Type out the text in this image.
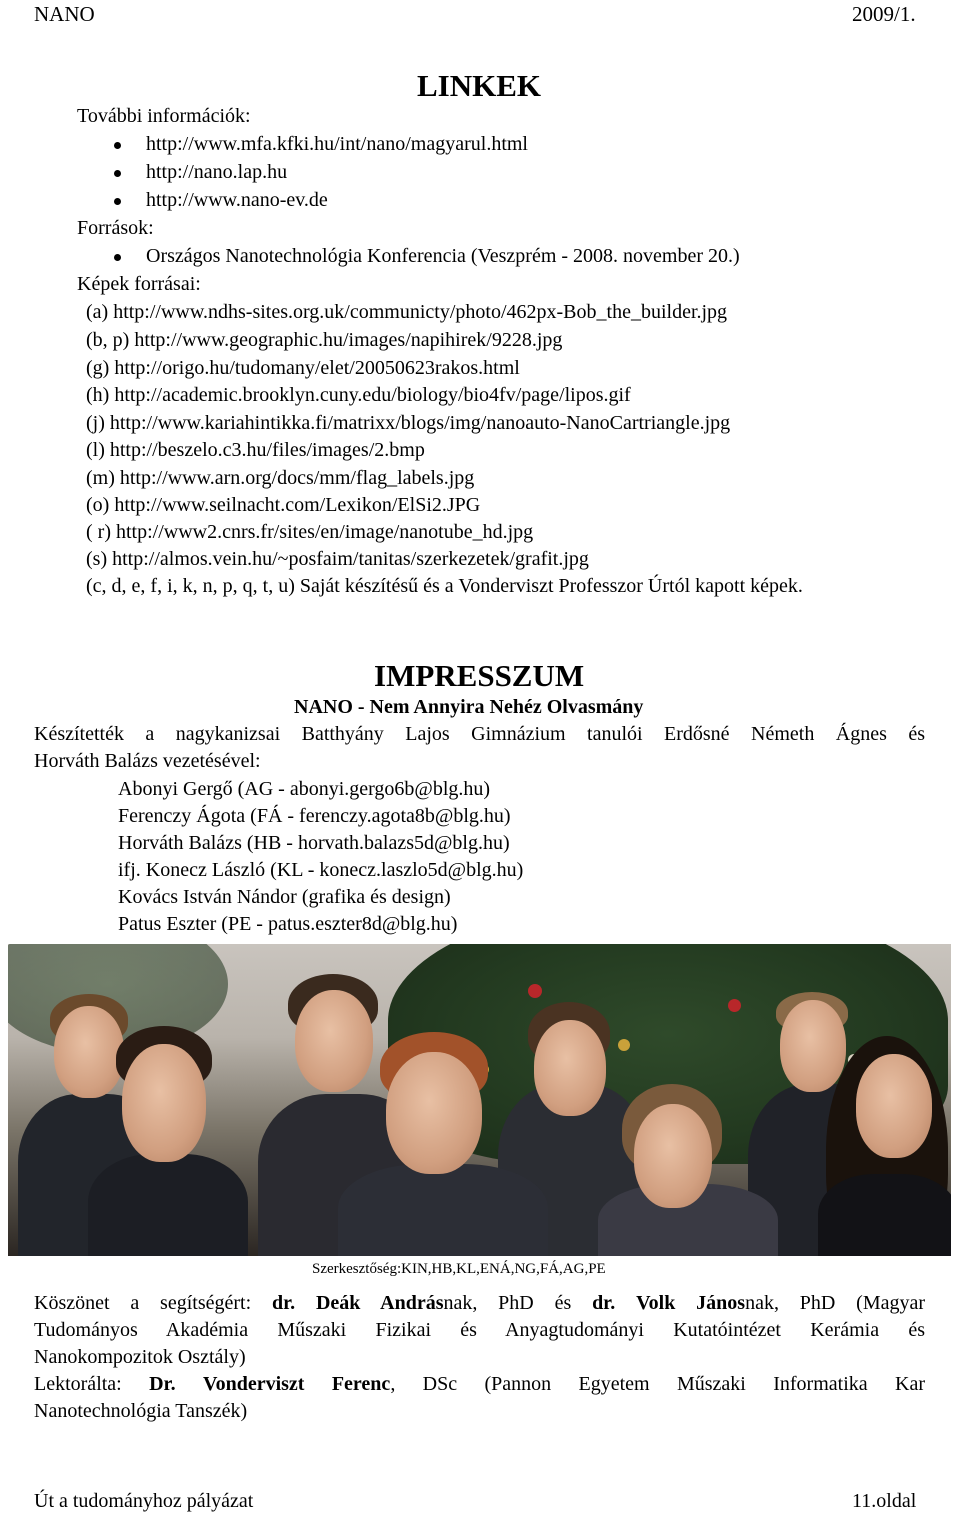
NANO	2009/1.
LINKEK
További információk:
http://www.mfa.kfki.hu/int/nano/magyarul.html
http://nano.lap.hu
http://www.nano-ev.de
Források:
Országos Nanotechnológia Konferencia (Veszprém - 2008. november 20.)
Képek forrásai:
(a) http://www.ndhs-sites.org.uk/communicty/photo/462px-Bob_the_builder.jpg
(b, p) http://www.geographic.hu/images/napihirek/9228.jpg
(g) http://origo.hu/tudomany/elet/20050623rakos.html
(h) http://academic.brooklyn.cuny.edu/biology/bio4fv/page/lipos.gif
(j) http://www.kariahintikka.fi/matrixx/blogs/img/nanoauto-NanoCartriangle.jpg
(l) http://beszelo.c3.hu/files/images/2.bmp
(m) http://www.arn.org/docs/mm/flag_labels.jpg
(o) http://www.seilnacht.com/Lexikon/ElSi2.JPG
( r) http://www2.cnrs.fr/sites/en/image/nanotube_hd.jpg
(s) http://almos.vein.hu/~posfaim/tanitas/szerkezetek/grafit.jpg
(c, d, e, f, i, k, n, p, q, t, u) Saját készítésű és a Vonderviszt Professzor Úrtól kapott képek.
IMPRESSZUM
NANO - Nem Annyira Nehéz Olvasmány
Készítették a nagykanizsai Batthyány Lajos Gimnázium tanulói Erdősné Németh Ágnes és
Horváth Balázs vezetésével:
Abonyi Gergő (AG - abonyi.gergo6b@blg.hu)
Ferenczy Ágota (FÁ - ferenczy.agota8b@blg.hu)
Horváth Balázs (HB - horvath.balazs5d@blg.hu)
ifj. Konecz László (KL - konecz.laszlo5d@blg.hu)
Kovács István Nándor (grafika és design)
Patus Eszter (PE - patus.eszter8d@blg.hu)
Szerkesztőség:KIN,HB,KL,ENÁ,NG,FÁ,AG,PE
Köszönet a segítségért: dr. Deák Andrásnak, PhD és dr. Volk Jánosnak, PhD (Magyar
Tudományos Akadémia Műszaki Fizikai és Anyagtudományi Kutatóintézet Kerámia és
Nanokompozitok Osztály)
Lektorálta: Dr. Vonderviszt Ferenc, DSc (Pannon Egyetem Műszaki Informatika Kar
Nanotechnológia Tanszék)
Út a tudományhoz pályázat	11.oldal
